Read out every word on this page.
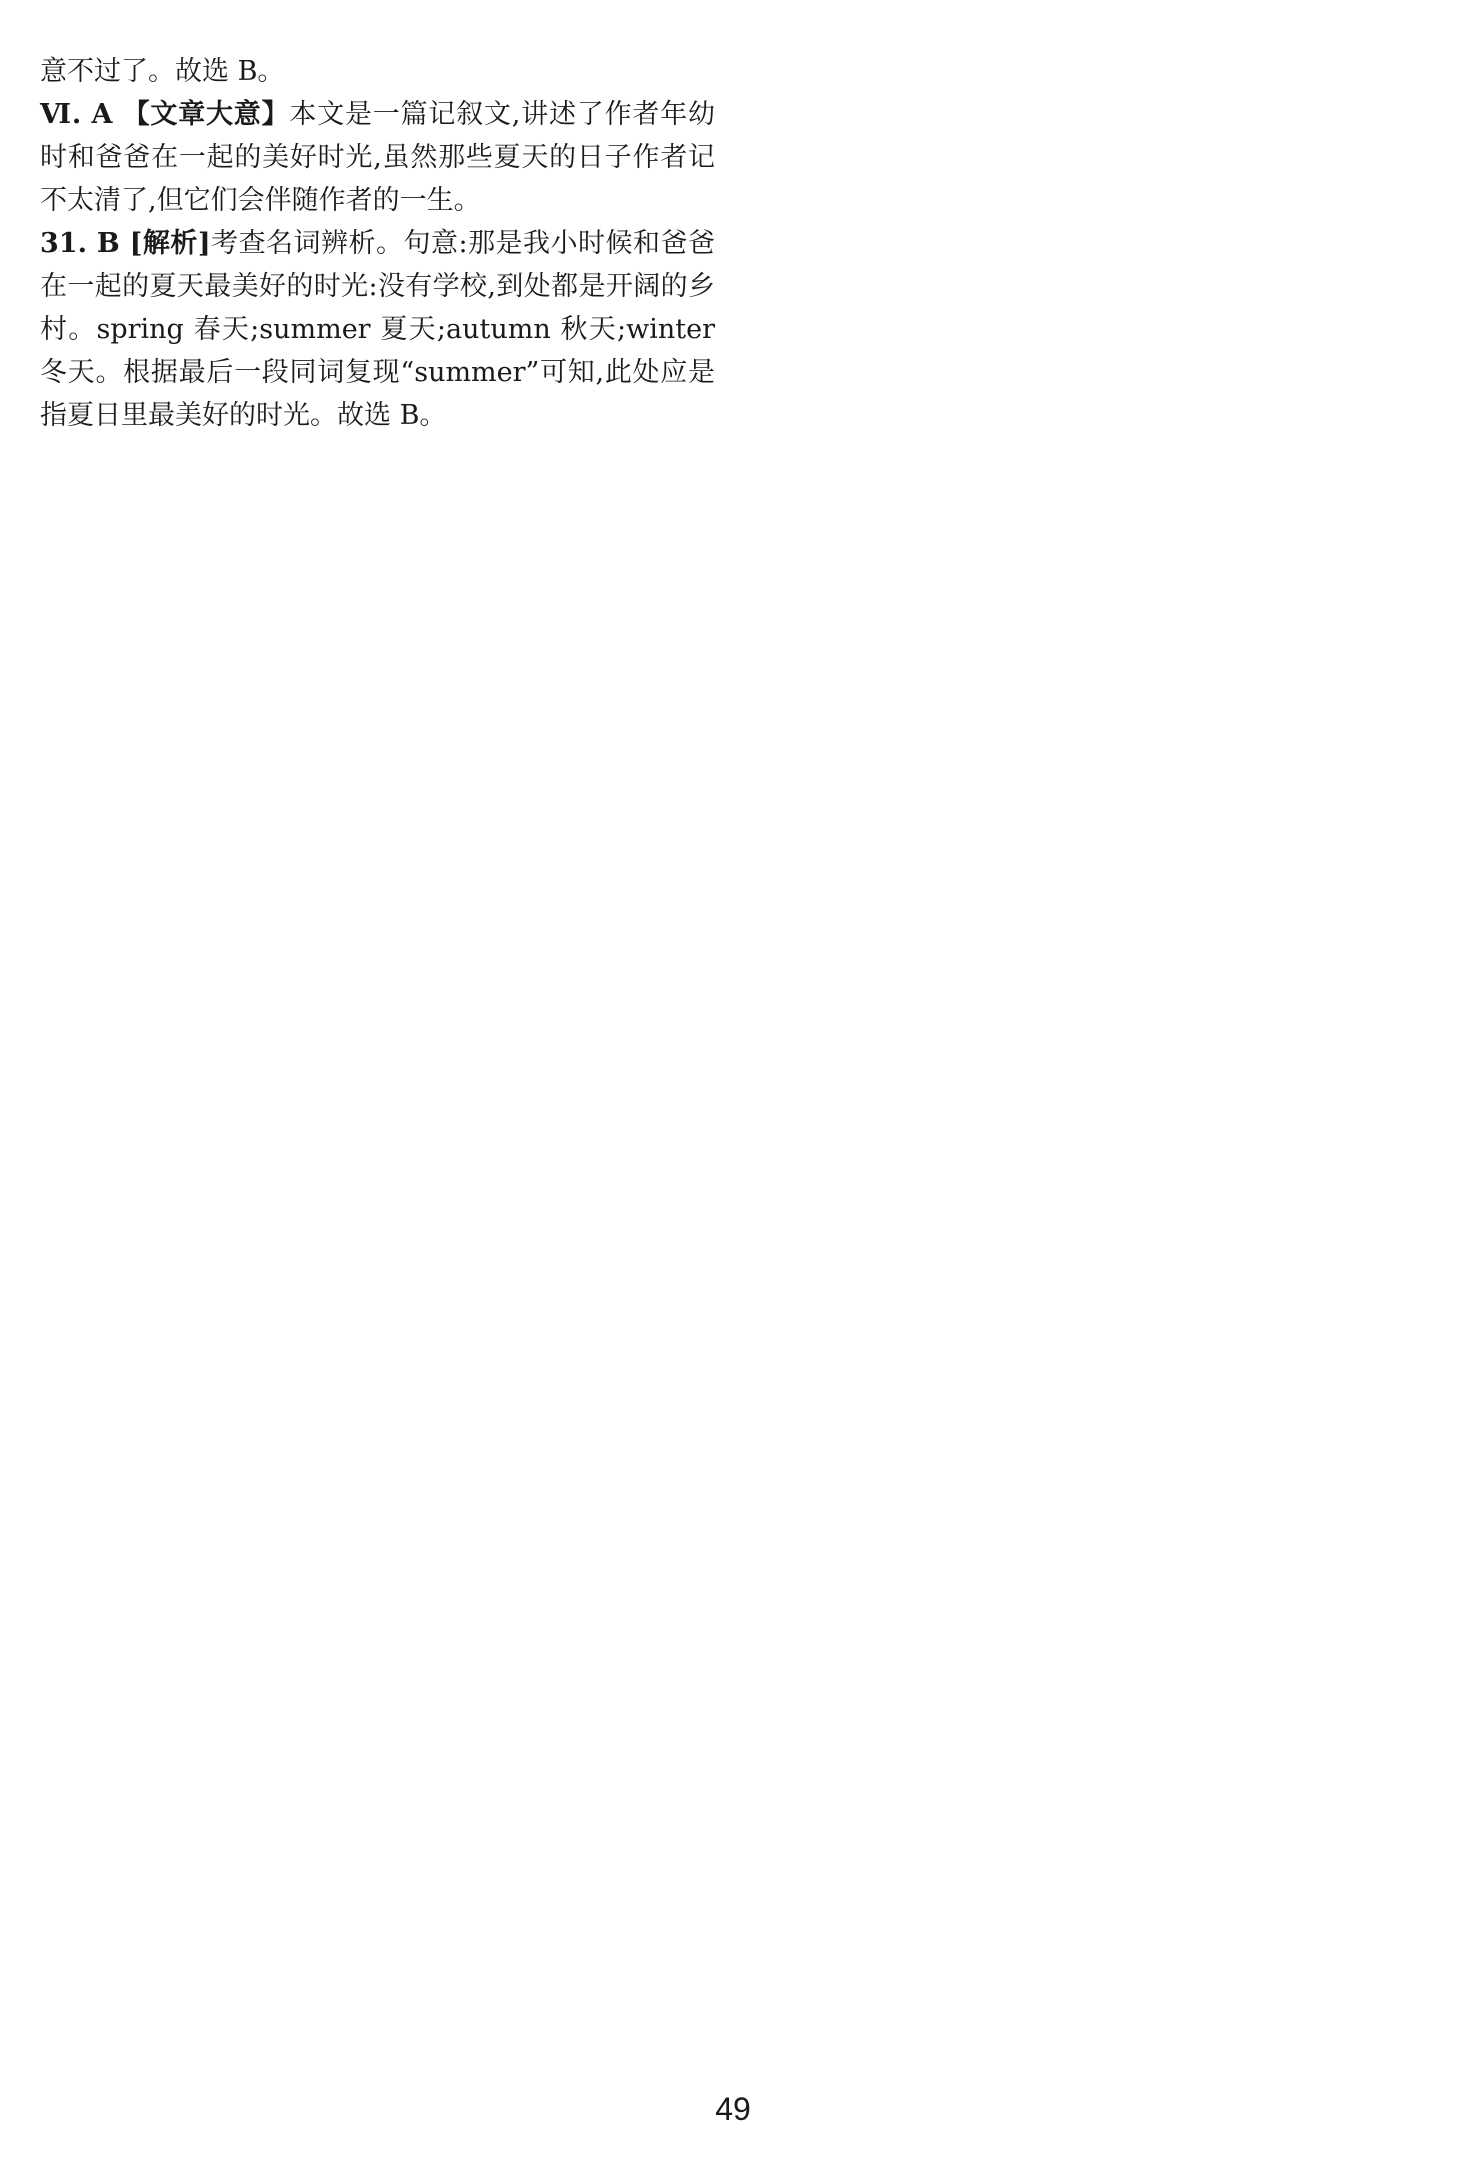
意不过了。故选 B。

Ⅵ. A 【文章大意】本文是一篇记叙文,讲述了作者年幼时和爸爸在一起的美好时光,虽然那些夏天的日子作者记不太清了,但它们会伴随作者的一生。

31. B [解析]考查名词辨析。句意:那是我小时候和爸爸在一起的夏天最美好的时光:没有学校,到处都是开阔的乡村。spring 春天;summer 夏天;autumn 秋天;winter 冬天。根据最后一段同词复现“summer”可知,此处应是指夏日里最美好的时光。故选 B。

49
